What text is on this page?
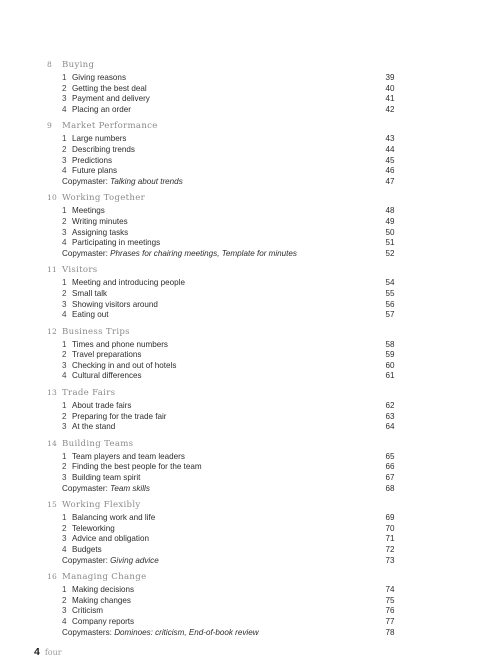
8	Buying
1 Giving reasons	39
2 Getting the best deal	40
3 Payment and delivery	41
4 Placing an order	42
9	Market Performance
1 Large numbers	43
2 Describing trends	44
3 Predictions	45
4 Future plans	46
Copymaster: Talking about trends	47
10 Working Together
1 Meetings	48
2 Writing minutes	49
3 Assigning tasks	50
4 Participating in meetings	51
Copymaster: Phrases for chairing meetings, Template for minutes	52
11 Visitors
1 Meeting and introducing people	54
2 Small talk	55
3 Showing visitors around	56
4 Eating out	57
12 Business Trips
1 Times and phone numbers	58
2 Travel preparations	59
3 Checking in and out of hotels	60
4 Cultural differences	61
13 Trade Fairs
1 About trade fairs	62
2 Preparing for the trade fair	63
3 At the stand	64
14 Building Teams
1 Team players and team leaders	65
2 Finding the best people for the team	66
3 Building team spirit	67
Copymaster: Team skills	68
15 Working Flexibly
1 Balancing work and life	69
2 Teleworking	70
3 Advice and obligation	71
4 Budgets	72
Copymaster: Giving advice	73
16 Managing Change
1 Making decisions	74
2 Making changes	75
3 Criticism	76
4 Company reports	77
Copymasters: Dominoes: criticism, End-of-book review	78
4 four
